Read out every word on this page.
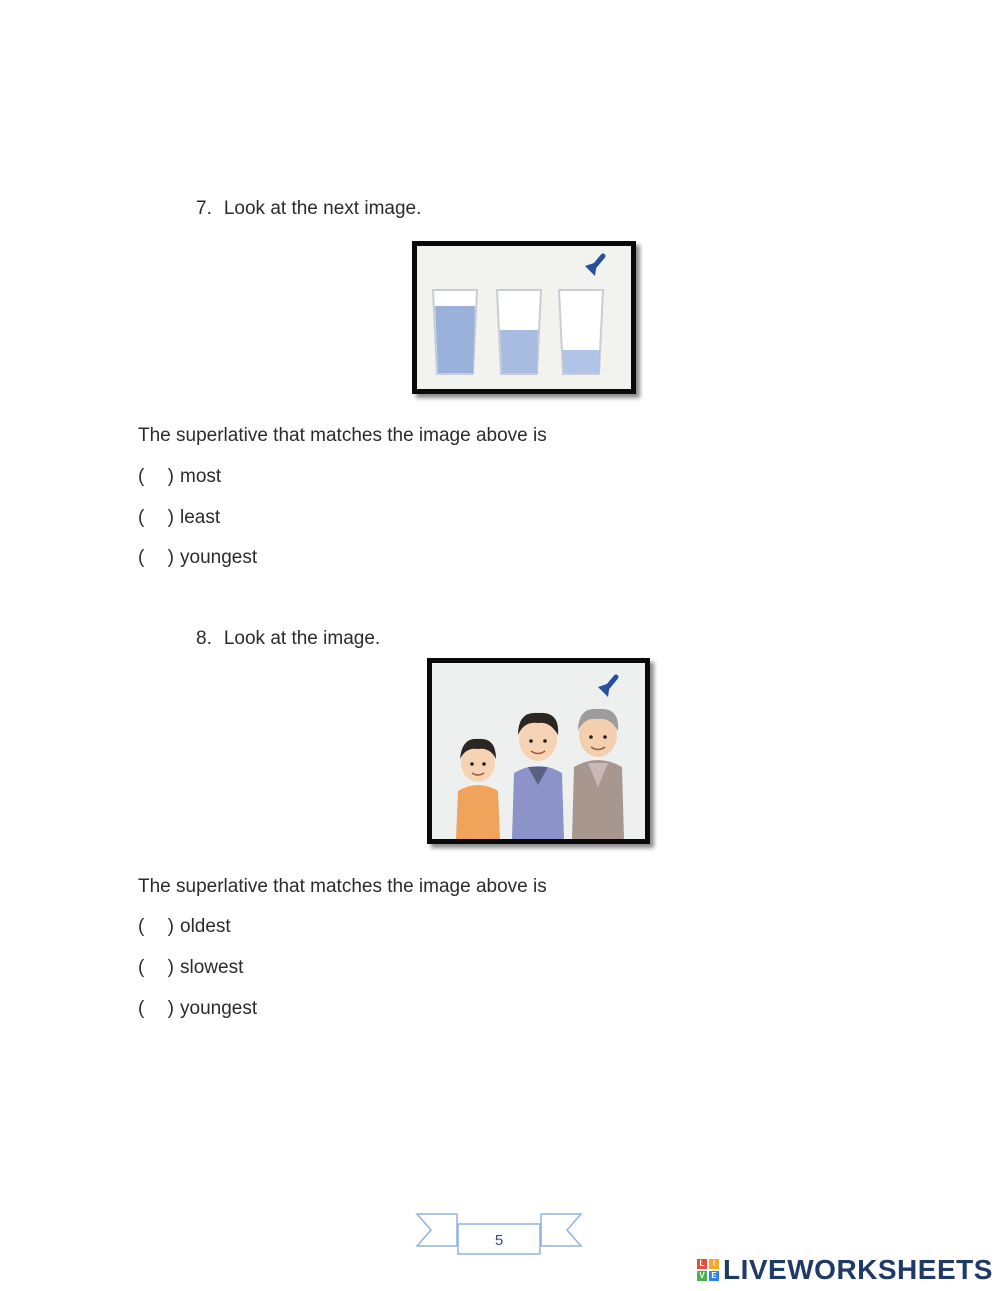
7. Look at the next image.
The superlative that matches the image above is
( ) most
( ) least
( ) youngest
8. Look at the image.
The superlative that matches the image above is
( ) oldest
( ) slowest
( ) youngest
5
L	I
V E LIVEWORKSHEETS
